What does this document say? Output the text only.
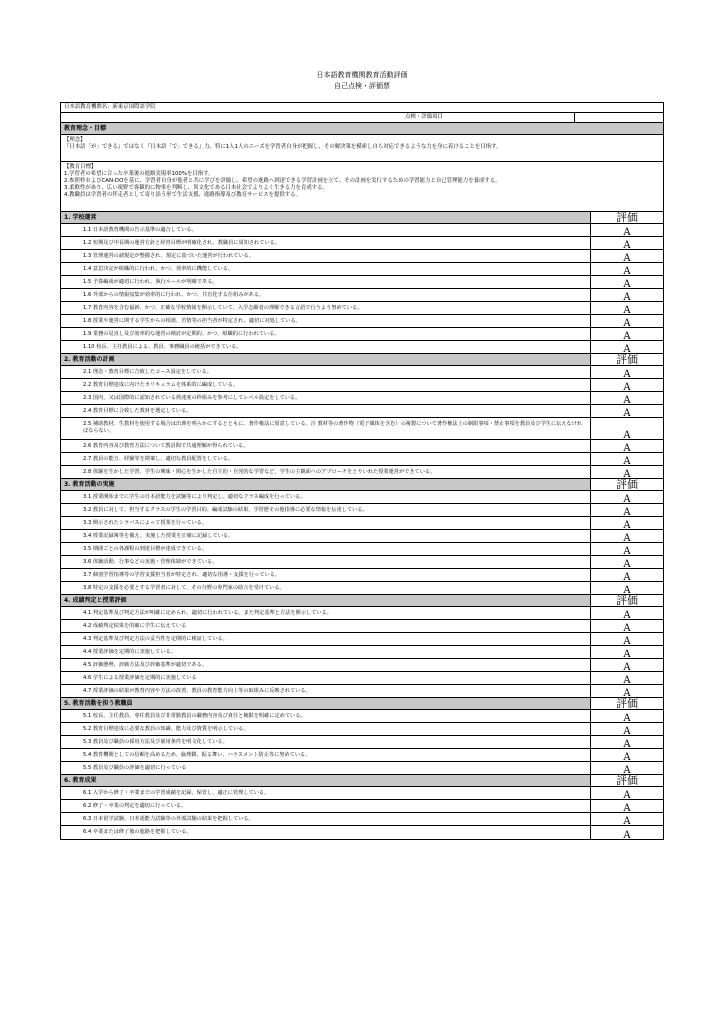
日本語教育機関教育活動評価
自己点検・評価票
日本語教育機関名：新東京国際語学院
点検・評価項目
教育理念・目標
【理念】
『日本語「が」できる』ではなく『日本語「で」できる』力、特に1人1人のニーズを学習者自身が把握し、その解決策を模索し自ら対応できるような力を身に着けることを目指す。
【教育目標】
1.学習者の希望に合った卒業後の進路実現率100%を目指す。
2.参照枠およびCAN-DOを基に、学習者自身が他者と共に学びを評価し、希望の進路へ到達できる学習計画を立て、その計画を実行するための学習能力と自己管理能力を養成する。
3.柔軟性があり、広い視野で客観的に物事を判断し、異文化である日本社会でよりよく生きる力を育成する。
4.教職員は学習者の伴走者として寄り添う形で生活支援、進路指導及び教育サービスを提供する。
1. 学校運営	評価
1.1 日本語教育機関の告示基準の適合している。	A
1.2 短期及び中長期の運営方針と経営目標が明確化され、教職員に周知されている。	A
1.3 管理運営の諸規定が整備され、規定に基づいた運営が行われている。	A
1.4 意思決定が組織的に行われ、かつ、効率的に機能している。	A
1.5 予算編成が適切に行われ、執行ルールが明確である。	A
1.6 外部からの情報収集が効率的に行われ、かつ、共有化する仕組みがある。	A
1.7 教育内容を含む最新、かつ、正確な学校情報を開示していて、入学志願者の理解できる言語で行うよう努めている。	A
1.8 授業や運営に関する学生からの相談、苦情等の担当者が特定され、適切に対処している。	A
1.9 業務の見直し及び効率的な運営の検討が定期的、かつ、組織的に行われている。	A
1.10 校長、主任教員による、教員、事務職員の統括ができている。	A
2. 教育活動の計画	評価
2.1 理念・教育目標に合致したコース設定をしている。	A
2.2 教育目標達成に向けたカリキュラムを体系的に編成している。	A
2.3 国内、又は国際的に認知されている熟達度の枠組みを参考にしてレベル設定をしている。	A
2.4 教育目標に合致した教材を選定している。	A
2.5 補助教材、生教材を使用する場合は出典を明らかにするとともに、著作権法に留意している。注 教材等の著作物（電子媒体を含む）の複製について著作権法上の制限事項・禁止事項を教員及び学生に伝えなければならない。	A
2.6 教育内容及び教育方法について教員間で共通理解が得られている。	A
2.7 教員の能力、経験等を勘案し、適切な教員配置をしている。	A
2.8 体験を生かした学習、学生の興味・関心を生かした自主的・自発的な学習など、学生の主観面へのアプローチをとりいれた授業運営ができている。	A
3. 教育活動の実施	評価
3.1 授業開始までに学生の日本語能力を試験等により判定し、適切なクラス編成を行っている。	A
3.2 教員に対して、担当するクラスの学生の学習目的、編成試験の結果、学習歴その他指導に必要な情報を伝達している。	A
3.3 開示されたシラバスによって授業を行っている。	A
3.4 授業記録簿等を備え、実施した授業を正確に記録している。	A
3.5 期間ごとの各課程の到達目標が達成できている。	A
3.6 体験活動、行事などの実施・管理体制ができている。	A
3.7 個別学習指導等の学習支援担当者が特定され、適切な指導・支援を行っている。	A
3.8 特定の支援を必要とする学習者に対して、その分野の専門家の助言を受けている。	A
4. 成績判定と授業評価	評価
4.1 判定基準及び判定方法が明確に定められ、適切に行われている。また判定基準と方法を開示している。	A
4.2 成績判定結果を的確に学生に伝えている	A
4.3 判定基準及び判定方法の妥当性を定期的に検証している。	A
4.4 授業評価を定期的に実施している。	A
4.5 評価態勢、評価方法及び評価基準が適切である。	A
4.6 学生による授業評価を定期的に実施している	A
4.7 授業評価の結果が教育内容や方法の改善、教員の教育能力向上等の取組みに反映されている。	A
5. 教育活動を担う教職員	評価
5.1 校長、主任教員、専任教員及び非常勤教員の職務内容及び責任と権限を明確に定めている。	A
5.2 教育目標達成に必要な教員の知識、能力及び資質を明示している。	A
5.3 教員及び職員の採用方法及び雇用条件を明文化している。	A
5.4 教育機関としての信頼を高めるため、倫理観、振る舞い、ハラスメント防止等に努めている。	A
5.5 教員及び職員の評価を適切に行っている	A
6. 教育成果	評価
6.1 入学から修了・卒業までの学習成績を記録、保管し、適正に管理している。	A
6.2 修了・卒業の判定を適切に行っている。	A
6.3 日本留学試験、日本語能力試験等の外部試験の結果を把握している。	A
6.4 卒業または修了後の進路を把握している。	A
